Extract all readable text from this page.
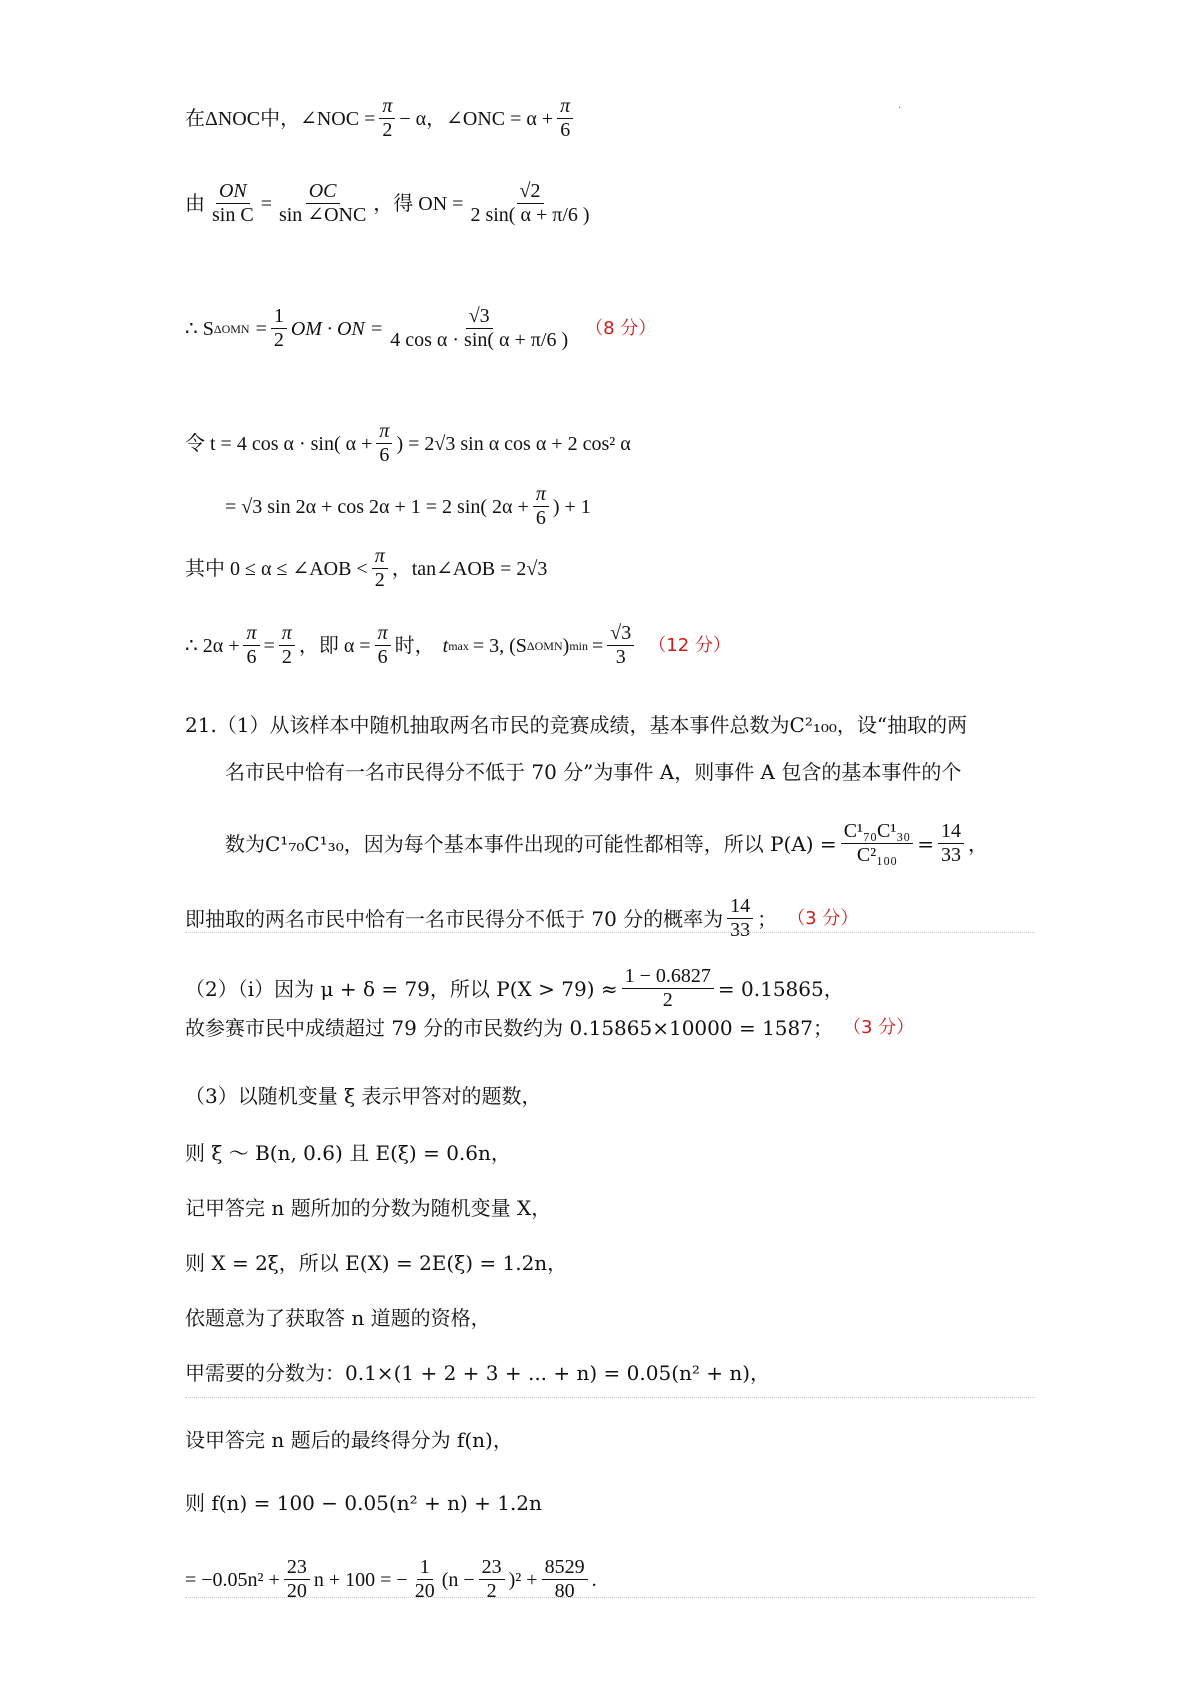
·
在ΔNOC中，∠NOC = $\frac{\pi}{2} - \alpha$，∠ONC = $\alpha + \frac{\pi}{6}$
由 $\frac{ON}{\text{sin C}} = \frac{OC}{\text{sin ∠ONC}}$ ，得 ON = $\frac{√2}{2 \sin( \alpha + \pi/6 )}$
∴ S $\Delta OMN = \frac{1}{2}$ OM · ON = $\frac{√3}{\text{4 cos α · sin( α + π/6 )}} (8$ 分）
令 t = 4 cos α · sin( $\alpha + \frac{\pi}{6}$ ) = 2√3 sin α cos α + 2 cos² α
= √3 sin 2α + cos 2α + 1 = 2 sin( $2\alpha + \frac{\pi}{6}$ ) + 1
其中 0 ≤ α ≤ ∠AOB < $\frac{\pi}{2}$ ，tan∠AOB = 2√3
∴ $2\alpha + \frac{\pi}{6} = \frac{\pi}{2}$ ，即 $\alpha = \frac{\pi}{6}$ 时， t max = 3, (S ΔOMN ) $\min = \frac{√3}{3} (12$ 分）
21.（1）从该样本中随机抽取两名市民的竞赛成绩，基本事件总数为C²₁₀₀，设“抽取的两
名市民中恰有一名市民得分不低于 70 分”为事件 A，则事件 A 包含的基本事件的个
数为C¹₇₀C¹₃₀，因为每个基本事件出现的可能性都相等，所以 $P(A) = \frac{\text{C¹₇₀C¹₃₀}}{\text{C²₁₀₀}} = \frac{14}{33}$ ，
即抽取的两名市民中恰有一名市民得分不低于 70 分的概率为 $\frac{14}{33}$ ； （3 分）
（2）（ⅰ）因为 μ + δ = 79，所以 $P(X > 79) \approx \frac{1 - 0.6827}{2} = 0.15865$，
故参赛市民中成绩超过 79 分的市民数约为 0.15865×10000 = 1587； （3 分）
（3）以随机变量 ξ 表示甲答对的题数，
则 ξ ～ B(n, 0.6) 且 E(ξ) = 0.6n，
记甲答完 n 题所加的分数为随机变量 X，
则 X = 2ξ，所以 E(X) = 2E(ξ) = 1.2n，
依题意为了获取答 n 道题的资格，
甲需要的分数为：0.1×(1 + 2 + 3 + ... + n) = 0.05(n² + n)，
设甲答完 n 题后的最终得分为 f(n)，
则 f(n) = 100 − 0.05(n² + n) + 1.2n
= $-0.05n^2 + \frac{23}{20}$ n + 100 = − $\frac{1}{20} (n - \frac{23}{2} )^2 + \frac{8529}{80}$ .
